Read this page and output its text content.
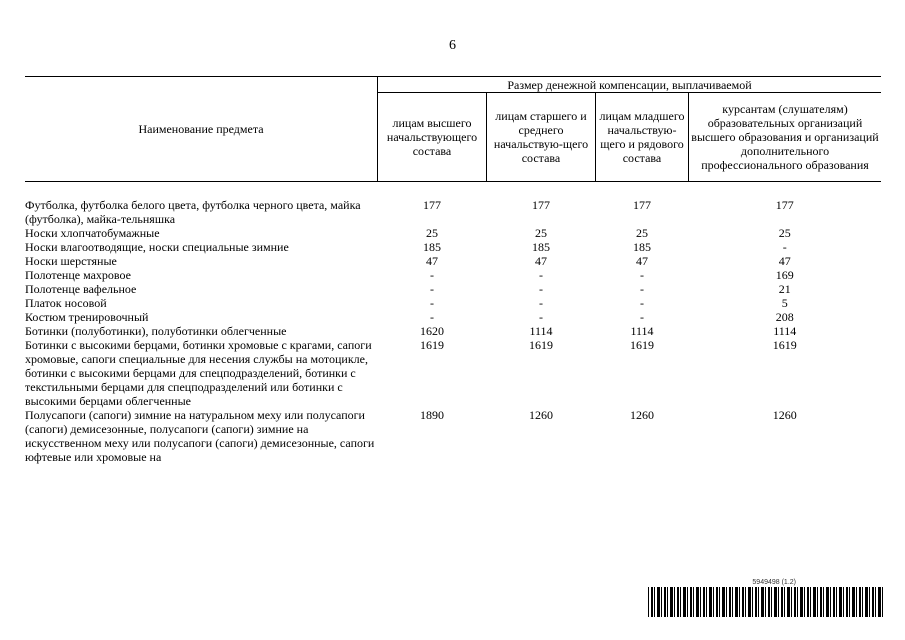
6
Наименование предмета	Размер денежной компенсации, выплачиваемой			
	лицам высшего начальствующего состава	лицам старшего и среднего начальствую-щего состава	лицам младшего начальствую-щего и рядового состава	курсантам (слушателям) образовательных организаций высшего образования и организаций дополнительного профессионального образования

Футболка, футболка белого цвета, футболка черного цвета, майка (футболка), майка-тельняшка	177	177	177	177
Носки хлопчатобумажные	25	25	25	25
Носки влагоотводящие, носки специальные зимние	185	185	185	-
Носки шерстяные	47	47	47	47
Полотенце махровое	-	-	-	169
Полотенце вафельное	-	-	-	21
Платок носовой	-	-	-	5
Костюм тренировочный	-	-	-	208
Ботинки (полуботинки), полуботинки облегченные	1620	1114	1114	1114
Ботинки с высокими берцами, ботинки хромовые с крагами, сапоги хромовые, сапоги специальные для несения службы на мотоцикле, ботинки с высокими берцами для спецподразделений, ботинки с текстильными берцами для спецподразделений или ботинки с высокими берцами облегченные	1619	1619	1619	1619
Полусапоги (сапоги) зимние на натуральном меху или полусапоги (сапоги) демисезонные, полусапоги (сапоги) зимние на искусственном меху или полусапоги (сапоги) демисезонные, сапоги юфтевые или хромовые на	1890	1260	1260	1260
5949498 (1.2)
